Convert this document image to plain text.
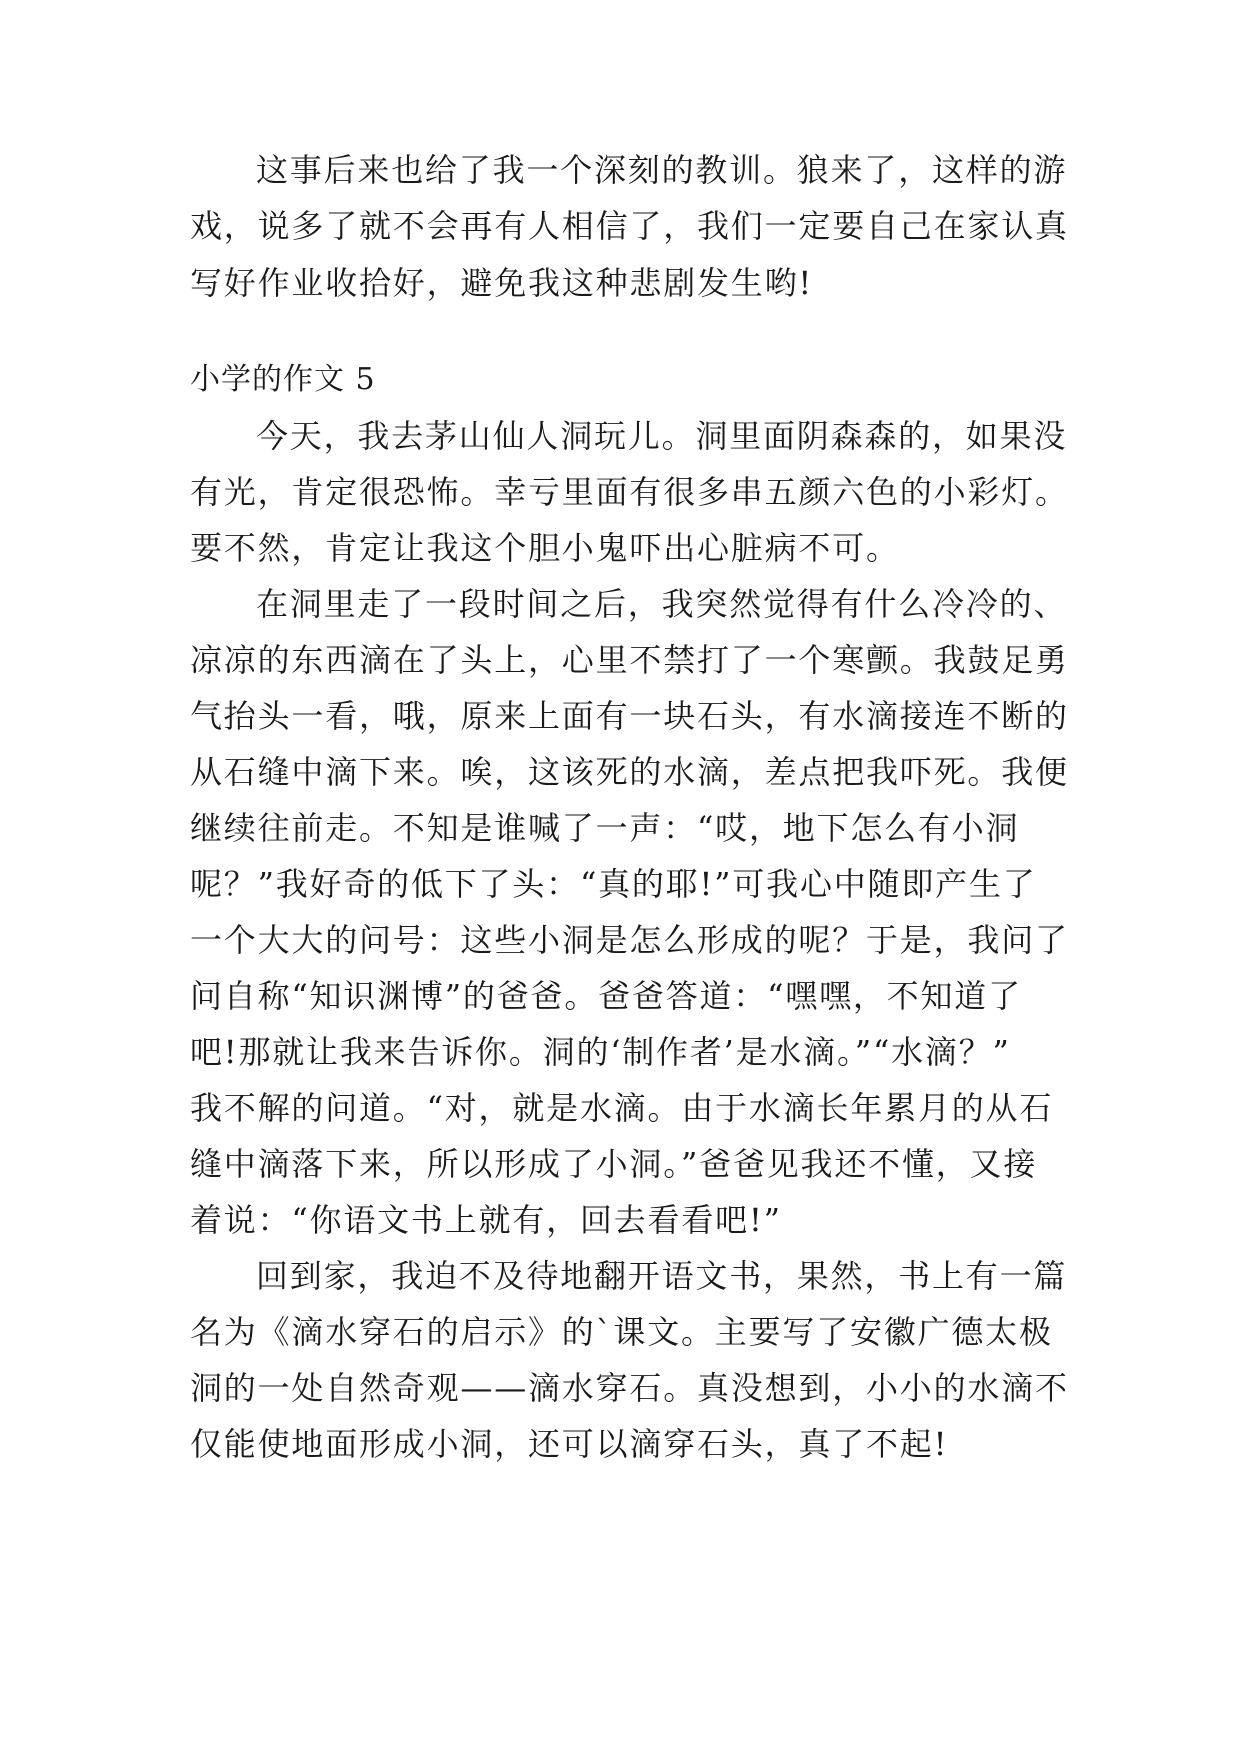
这事后来也给了我一个深刻的教训。狼来了，这样的游
戏，说多了就不会再有人相信了，我们一定要自己在家认真
写好作业收拾好，避免我这种悲剧发生哟!
小学的作文 5
今天，我去茅山仙人洞玩儿。洞里面阴森森的，如果没
有光，肯定很恐怖。幸亏里面有很多串五颜六色的小彩灯。
要不然，肯定让我这个胆小鬼吓出心脏病不可。
在洞里走了一段时间之后，我突然觉得有什么冷冷的、
凉凉的东西滴在了头上，心里不禁打了一个寒颤。我鼓足勇
气抬头一看，哦，原来上面有一块石头，有水滴接连不断的
从石缝中滴下来。唉，这该死的水滴，差点把我吓死。我便
继续往前走。不知是谁喊了一声：“哎，地下怎么有小洞
呢？”我好奇的低下了头：“真的耶!”可我心中随即产生了
一个大大的问号：这些小洞是怎么形成的呢？于是，我问了
问自称“知识渊博”的爸爸。爸爸答道：“嘿嘿，不知道了
吧!那就让我来告诉你。洞的‘制作者’是水滴。”“水滴？”
我不解的问道。“对，就是水滴。由于水滴长年累月的从石
缝中滴落下来，所以形成了小洞。”爸爸见我还不懂，又接
着说：“你语文书上就有，回去看看吧!”
回到家，我迫不及待地翻开语文书，果然，书上有一篇
名为《滴水穿石的启示》的`课文。主要写了安徽广德太极
洞的一处自然奇观——滴水穿石。真没想到，小小的水滴不
仅能使地面形成小洞，还可以滴穿石头，真了不起!
